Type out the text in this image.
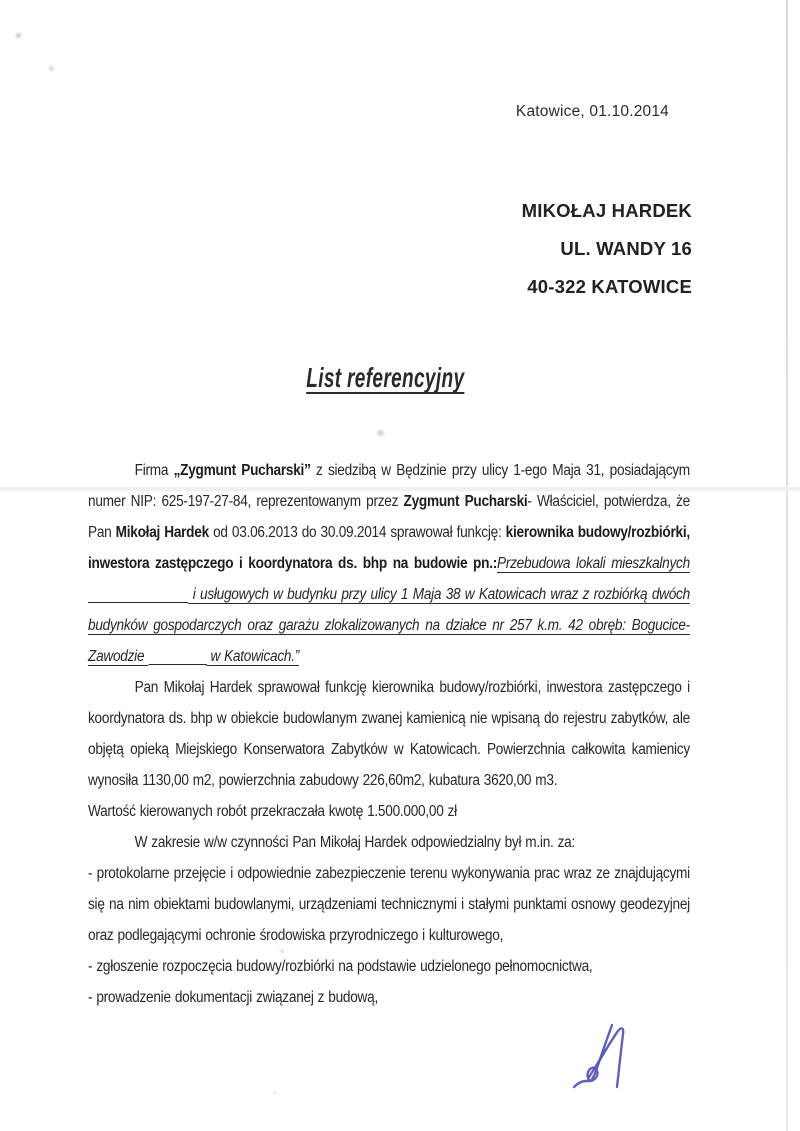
Katowice, 01.10.2014
MIKOŁAJ HARDEK
UL. WANDY 16
40-322 KATOWICE
List referencyjny

Firma „Zygmunt Pucharski” z siedzibą w Będzinie przy ulicy 1-ego Maja 31, posiadającym numer NIP: 625-197-27-84, reprezentowanym przez Zygmunt Pucharski- Właściciel, potwierdza, że Pan Mikołaj Hardek od 03.06.2013 do 30.09.2014 sprawował funkcję: kierownika budowy/rozbiórki, inwestora zastępczego i koordynatora ds. bhp na budowie pn.:Przebudowa lokali mieszkalnych  i usługowych w budynku przy ulicy 1 Maja 38 w Katowicach wraz z rozbiórką dwóch budynków gospodarczych oraz garażu zlokalizowanych na działce nr 257 k.m. 42 obręb: Bogucice- Zawodzie	w Katowicach.”

Pan Mikołaj Hardek sprawował funkcję kierownika budowy/rozbiórki, inwestora zastępczego i koordynatora ds. bhp w obiekcie budowlanym zwanej kamienicą nie wpisaną do rejestru zabytków, ale objętą opieką Miejskiego Konserwatora Zabytków w Katowicach. Powierzchnia całkowita kamienicy wynosiła 1130,00 m2, powierzchnia zabudowy 226,60m2, kubatura 3620,00 m3.

Wartość kierowanych robót przekraczała kwotę 1.500.000,00 zł

W zakresie w/w czynności Pan Mikołaj Hardek odpowiedzialny był m.in. za:

- protokolarne przejęcie i odpowiednie zabezpieczenie terenu wykonywania prac wraz ze znajdującymi się na nim obiektami budowlanymi, urządzeniami technicznymi i stałymi punktami osnowy geodezyjnej oraz podlegającymi ochronie środowiska przyrodniczego i kulturowego,

- zgłoszenie rozpoczęcia budowy/rozbiórki na podstawie udzielonego pełnomocnictwa,

- prowadzenie dokumentacji związanej z budową,
